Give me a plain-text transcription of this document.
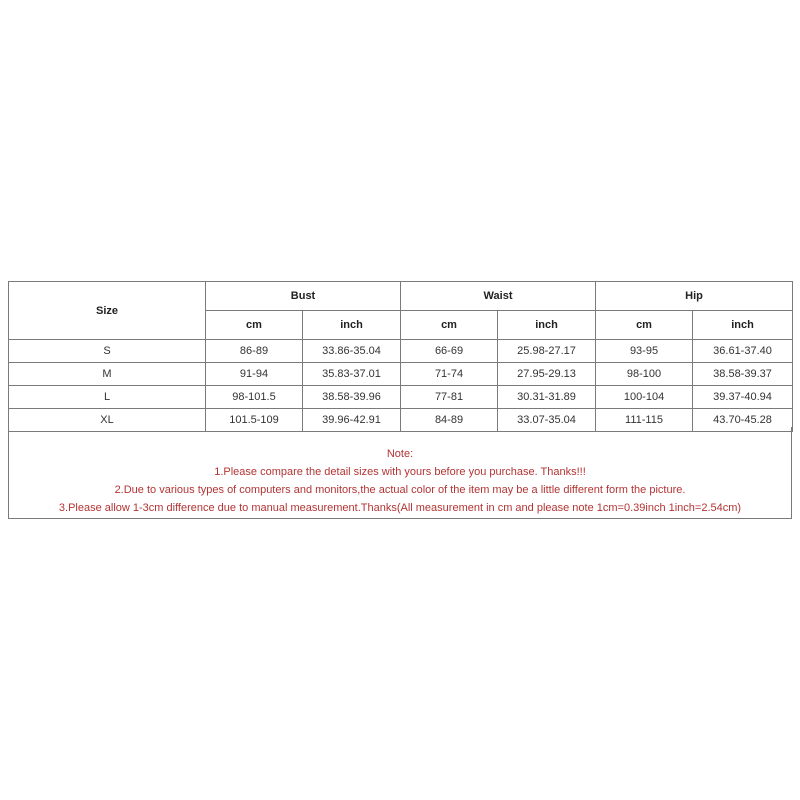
Size	Bust		Waist		Hip	
	cm	inch	cm	inch	cm	inch
S	86-89	33.86-35.04	66-69	25.98-27.17	93-95	36.61-37.40
M	91-94	35.83-37.01	71-74	27.95-29.13	98-100	38.58-39.37
L	98-101.5	38.58-39.96	77-81	30.31-31.89	100-104	39.37-40.94
XL	101.5-109	39.96-42.91	84-89	33.07-35.04	111-115	43.70-45.28
Note:
1.Please compare the detail sizes with yours before you purchase. Thanks!!!
2.Due to various types of computers and monitors,the actual color of the item may be a little different form the picture.
3.Please allow 1-3cm difference due to manual measurement.Thanks(All measurement in cm and please note 1cm=0.39inch 1inch=2.54cm)
